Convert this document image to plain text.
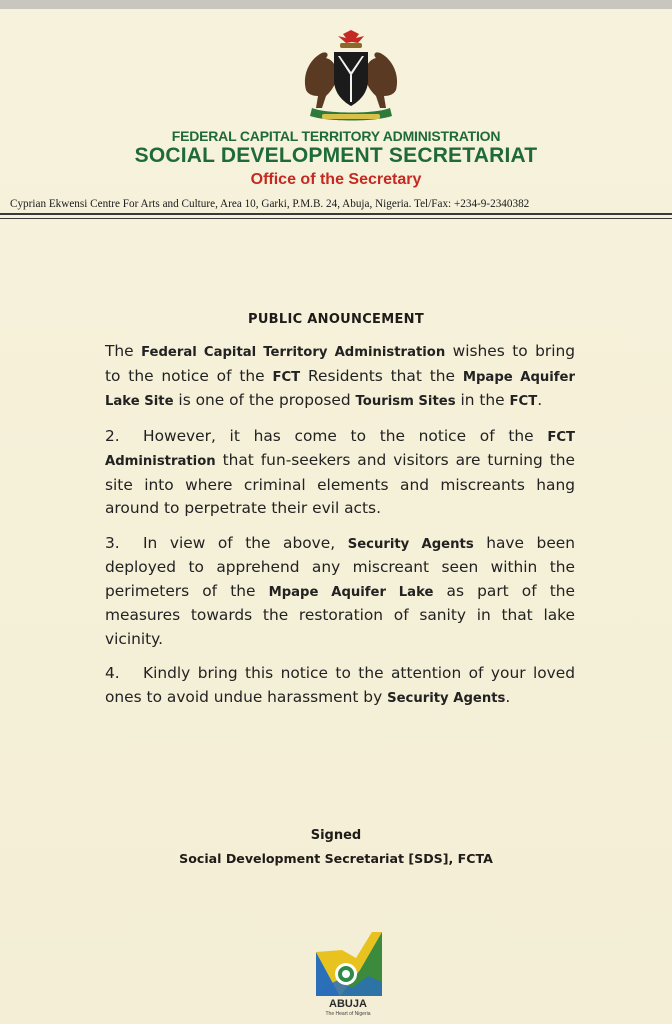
FEDERAL CAPITAL TERRITORY ADMINISTRATION
SOCIAL DEVELOPMENT SECRETARIAT
Office of the Secretary
Cyprian Ekwensi Centre For Arts and Culture, Area 10, Garki, P.M.B. 24, Abuja, Nigeria. Tel/Fax: +234-9-2340382
PUBLIC ANOUNCEMENT

The Federal Capital Territory Administration wishes to bring to the notice of the FCT Residents that the Mpape Aquifer Lake Site is one of the proposed Tourism Sites in the FCT.

2. However, it has come to the notice of the FCT Administration that fun-seekers and visitors are turning the site into where criminal elements and miscreants hang around to perpetrate their evil acts.

3. In view of the above, Security Agents have been deployed to apprehend any miscreant seen within the perimeters of the Mpape Aquifer Lake as part of the measures towards the restoration of sanity in that lake vicinity.

4. Kindly bring this notice to the attention of your loved ones to avoid undue harassment by Security Agents.

Signed
Social Development Secretariat [SDS], FCTA
ABUJA
The Heart of Nigeria
